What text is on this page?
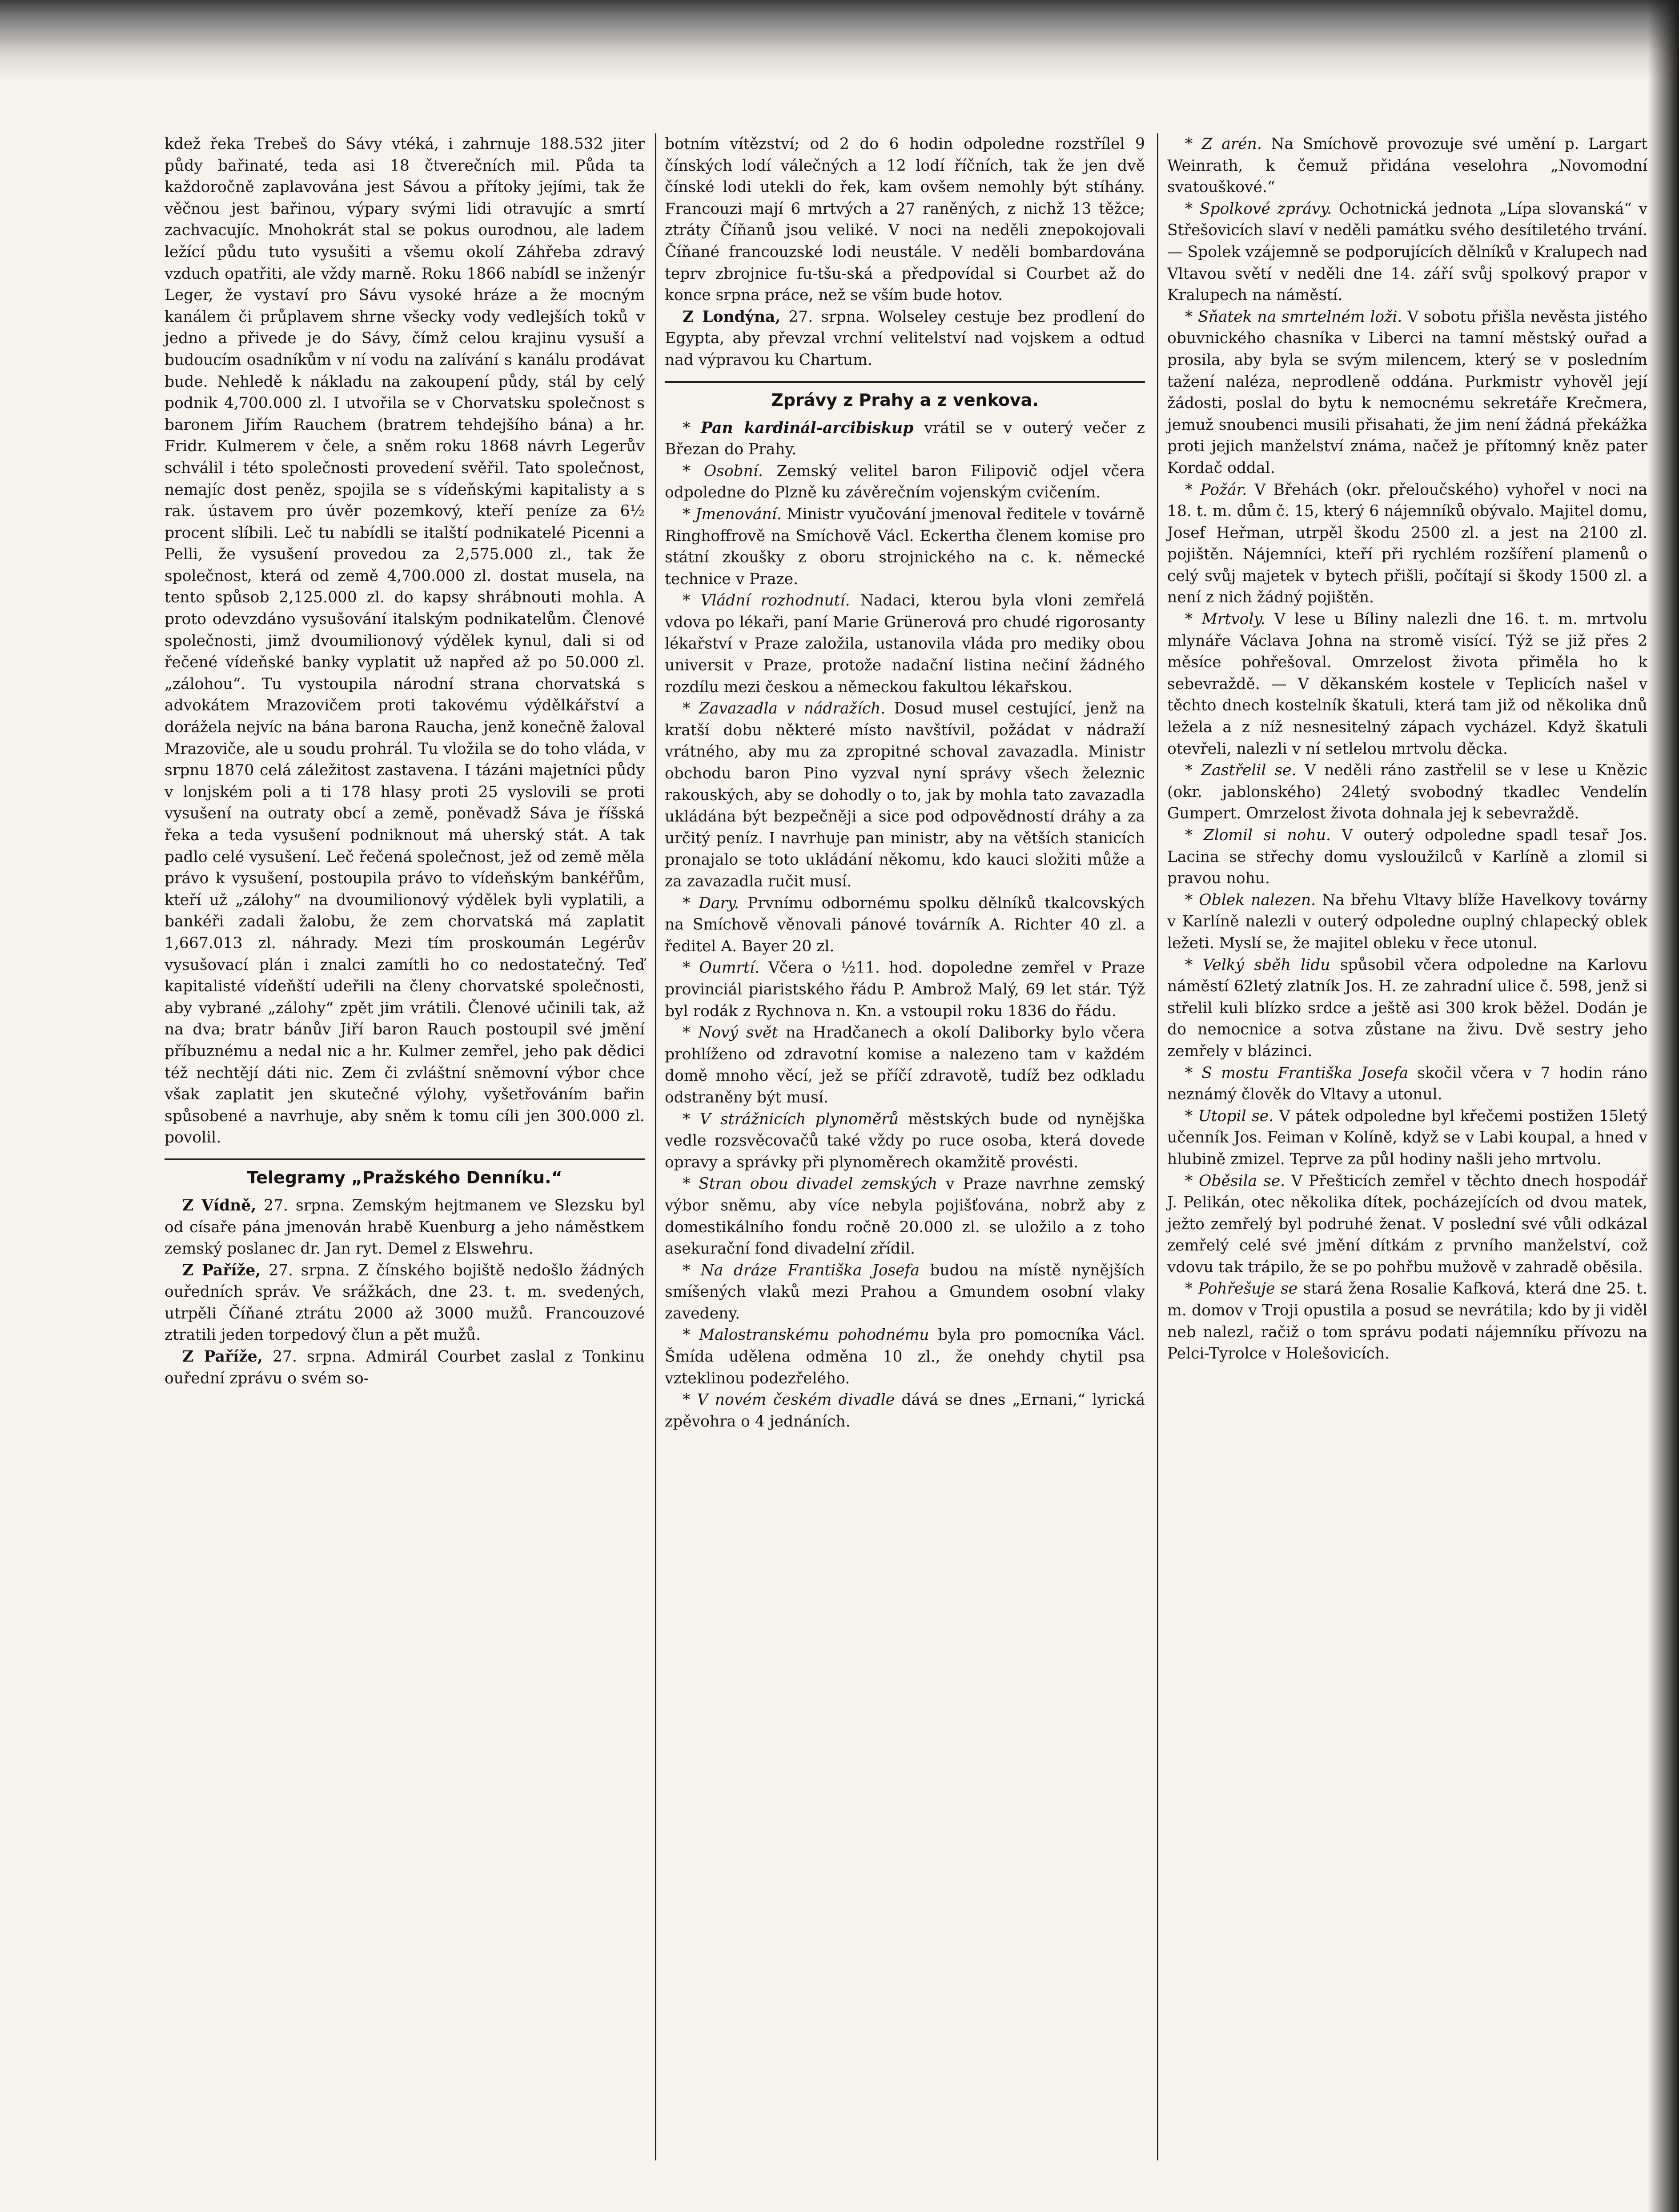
kdež řeka Trebeš do Sávy vtéká, i zahrnuje 188.532 jiter půdy bařinaté, teda asi 18 čtverečních mil. Půda ta každoročně zaplavována jest Sávou a přítoky jejími, tak že věčnou jest bařinou, výpary svými lidi otravujíc a smrtí zachvacujíc. Mnohokrát stal se pokus ourodnou, ale ladem ležící půdu tuto vysušiti a všemu okolí Záhřeba zdravý vzduch opatřiti, ale vždy marně. Roku 1866 nabídl se inženýr Leger, že vystaví pro Sávu vysoké hráze a že mocným kanálem či průplavem shrne všecky vody vedlejších toků v jedno a přivede je do Sávy, čímž celou krajinu vysuší a budoucím osadníkům v ní vodu na zalívání s kanálu prodávat bude. Nehledě k nákladu na zakoupení půdy, stál by celý podnik 4,700.000 zl. I utvořila se v Chorvatsku společnost s baronem Jiřím Rauchem (bratrem tehdejšího bána) a hr. Fridr. Kulmerem v čele, a sněm roku 1868 návrh Legerův schválil i této společnosti provedení svěřil. Tato společnost, nemajíc dost peněz, spojila se s vídeňskými kapitalisty a s rak. ústavem pro úvěr pozemkový, kteří peníze za 6½ procent slíbili. Leč tu nabídli se italští podnikatelé Picenni a Pelli, že vysušení provedou za 2,575.000 zl., tak že společnost, která od země 4,700.000 zl. dostat musela, na tento spůsob 2,125.000 zl. do kapsy shrábnouti mohla. A proto odevzdáno vysušování italským podnikatelům. Členové společnosti, jimž dvoumilionový výdělek kynul, dali si od řečené vídeňské banky vyplatit už napřed až po 50.000 zl. „zálohou“. Tu vystoupila národní strana chorvatská s advokátem Mrazovičem proti takovému výdělkářství a dorážela nejvíc na bána barona Raucha, jenž konečně žaloval Mrazoviče, ale u soudu prohrál. Tu vložila se do toho vláda, v srpnu 1870 celá záležitost zastavena. I tázáni majetníci půdy v lonjském poli a ti 178 hlasy proti 25 vyslovili se proti vysušení na outraty obcí a země, poněvadž Sáva je říšská řeka a teda vysušení podniknout má uherský stát. A tak padlo celé vysušení. Leč řečená společnost, jež od země měla právo k vysušení, postoupila právo to vídeňským bankéřům, kteří už „zálohy“ na dvoumilionový výdělek byli vyplatili, a bankéři zadali žalobu, že zem chorvatská má zaplatit 1,667.013 zl. náhrady. Mezi tím proskoumán Legérův vysušovací plán i znalci zamítli ho co nedostatečný. Teď kapitalisté vídeňští udeřili na členy chorvatské společnosti, aby vybrané „zálohy“ zpět jim vrátili. Členové učinili tak, až na dva; bratr bánův Jiří baron Rauch postoupil své jmění příbuznému a nedal nic a hr. Kulmer zemřel, jeho pak dědici též nechtějí dáti nic. Zem či zvláštní sněmovní výbor chce však zaplatit jen skutečné výlohy, vyšetřováním bařin spůsobené a navrhuje, aby sněm k tomu cíli jen 300.000 zl. povolil.

Telegramy „Pražského Denníku.“

Z Vídně, 27. srpna. Zemským hejtmanem ve Slezsku byl od císaře pána jmenován hrabě Kuenburg a jeho náměstkem zemský poslanec dr. Jan ryt. Demel z Elswehru.

Z Paříže, 27. srpna. Z čínského bojiště nedošlo žádných ouředních správ. Ve srážkách, dne 23. t. m. svedených, utrpěli Číňané ztrátu 2000 až 3000 mužů. Francouzové ztratili jeden torpedový člun a pět mužů.

Z Paříže, 27. srpna. Admirál Courbet zaslal z Tonkinu ouřední zprávu o svém so-

botním vítězství; od 2 do 6 hodin odpoledne rozstřílel 9 čínských lodí válečných a 12 lodí říčních, tak že jen dvě čínské lodi utekli do řek, kam ovšem nemohly být stíhány. Francouzi mají 6 mrtvých a 27 raněných, z nichž 13 těžce; ztráty Číňanů jsou veliké. V noci na neděli znepokojovali Číňané francouzské lodi neustále. V neděli bombardována teprv zbrojnice fu-tšu-ská a předpovídal si Courbet až do konce srpna práce, než se vším bude hotov.

Z Londýna, 27. srpna. Wolseley cestuje bez prodlení do Egypta, aby převzal vrchní velitelství nad vojskem a odtud nad výpravou ku Chartum.

Zprávy z Prahy a z venkova.

* Pan kardinál-arcibiskup vrátil se v outerý večer z Březan do Prahy.

* Osobní. Zemský velitel baron Filipovič odjel včera odpoledne do Plzně ku závěrečním vojenským cvičením.

* Jmenování. Ministr vyučování jmenoval ředitele v továrně Ringhoffrově na Smíchově Václ. Eckertha členem komise pro státní zkoušky z oboru strojnického na c. k. německé technice v Praze.

* Vládní rozhodnutí. Nadaci, kterou byla vloni zemřelá vdova po lékaři, paní Marie Grünerová pro chudé rigorosanty lékařství v Praze založila, ustanovila vláda pro mediky obou universit v Praze, protože nadační listina nečiní žádného rozdílu mezi českou a německou fakultou lékařskou.

* Zavazadla v nádražích. Dosud musel cestující, jenž na kratší dobu některé místo navštívil, požádat v nádraží vrátného, aby mu za zpropitné schoval zavazadla. Ministr obchodu baron Pino vyzval nyní správy všech železnic rakouských, aby se dohodly o to, jak by mohla tato zavazadla ukládána být bezpečněji a sice pod odpovědností dráhy a za určitý peníz. I navrhuje pan ministr, aby na větších stanicích pronajalo se toto ukládání někomu, kdo kauci složiti může a za zavazadla ručit musí.

* Dary. Prvnímu odbornému spolku dělníků tkalcovských na Smíchově věnovali pánové továrník A. Richter 40 zl. a ředitel A. Bayer 20 zl.

* Oumrtí. Včera o ½11. hod. dopoledne zemřel v Praze provinciál piaristského řádu P. Ambrož Malý, 69 let stár. Týž byl rodák z Rychnova n. Kn. a vstoupil roku 1836 do řádu.

* Nový svět na Hradčanech a okolí Daliborky bylo včera prohlíženo od zdravotní komise a nalezeno tam v každém domě mnoho věcí, jež se příčí zdravotě, tudíž bez odkladu odstraněny být musí.

* V strážnicích plynoměrů městských bude od nynějška vedle rozsvěcovačů také vždy po ruce osoba, která dovede opravy a správky při plynoměrech okamžitě provésti.

* Stran obou divadel zemských v Praze navrhne zemský výbor sněmu, aby více nebyla pojišťována, nobrž aby z domestikálního fondu ročně 20.000 zl. se uložilo a z toho asekurační fond divadelní zřídil.

* Na dráze Františka Josefa budou na místě nynějších smíšených vlaků mezi Prahou a Gmundem osobní vlaky zavedeny.

* Malostranskému pohodnému byla pro pomocníka Václ. Šmída udělena odměna 10 zl., že onehdy chytil psa vzteklinou podezřelého.

* V novém českém divadle dává se dnes „Ernani,“ lyrická zpěvohra o 4 jednáních.

* Z arén. Na Smíchově provozuje své umění p. Largart Weinrath, k čemuž přidána veselohra „Novomodní svatouškové.“

* Spolkové zprávy. Ochotnická jednota „Lípa slovanská“ v Střešovicích slaví v neděli památku svého desítiletého trvání. — Spolek vzájemně se podporujících dělníků v Kralupech nad Vltavou světí v neděli dne 14. září svůj spolkový prapor v Kralupech na náměstí.

* Sňatek na smrtelném loži. V sobotu přišla nevěsta jistého obuvnického chasníka v Liberci na tamní městský ouřad a prosila, aby byla se svým milencem, který se v posledním tažení naléza, neprodleně oddána. Purkmistr vyhověl její žádosti, poslal do bytu k nemocnému sekretáře Krečmera, jemuž snoubenci musili přisahati, že jim není žádná překážka proti jejich manželství známa, načež je přítomný kněz pater Kordač oddal.

* Požár. V Břehách (okr. přeloučského) vyhořel v noci na 18. t. m. dům č. 15, který 6 nájemníků obývalo. Majitel domu, Josef Heřman, utrpěl škodu 2500 zl. a jest na 2100 zl. pojištěn. Nájemníci, kteří při rychlém rozšíření plamenů o celý svůj majetek v bytech přišli, počítají si škody 1500 zl. a není z nich žádný pojištěn.

* Mrtvoly. V lese u Bíliny nalezli dne 16. t. m. mrtvolu mlynáře Václava Johna na stromě visící. Týž se již přes 2 měsíce pohřešoval. Omrzelost života přiměla ho k sebevraždě. — V děkanském kostele v Teplicích našel v těchto dnech kostelník škatuli, která tam již od několika dnů ležela a z níž nesnesitelný zápach vycházel. Když škatuli otevřeli, nalezli v ní setlelou mrtvolu děcka.

* Zastřelil se. V neděli ráno zastřelil se v lese u Knězic (okr. jablonského) 24letý svobodný tkadlec Vendelín Gumpert. Omrzelost života dohnala jej k sebevraždě.

* Zlomil si nohu. V outerý odpoledne spadl tesař Jos. Lacina se střechy domu vysloužilců v Karlíně a zlomil si pravou nohu.

* Oblek nalezen. Na břehu Vltavy blíže Havelkovy továrny v Karlíně nalezli v outerý odpoledne ouplný chlapecký oblek ležeti. Myslí se, že majitel obleku v řece utonul.

* Velký sběh lidu spůsobil včera odpoledne na Karlovu náměstí 62letý zlatník Jos. H. ze zahradní ulice č. 598, jenž si střelil kuli blízko srdce a ještě asi 300 krok běžel. Dodán je do nemocnice a sotva zůstane na živu. Dvě sestry jeho zemřely v blázinci.

* S mostu Františka Josefa skočil včera v 7 hodin ráno neznámý člověk do Vltavy a utonul.

* Utopil se. V pátek odpoledne byl křečemi postižen 15letý učenník Jos. Feiman v Kolíně, když se v Labi koupal, a hned v hlubině zmizel. Teprve za půl hodiny našli jeho mrtvolu.

* Oběsila se. V Přešticích zemřel v těchto dnech hospodář J. Pelikán, otec několika dítek, pocházejících od dvou matek, ježto zemřelý byl podruhé ženat. V poslední své vůli odkázal zemřelý celé své jmění dítkám z prvního manželství, což vdovu tak trápilo, že se po pohřbu mužově v zahradě oběsila.

* Pohřešuje se stará žena Rosalie Kafková, která dne 25. t. m. domov v Troji opustila a posud se nevrátila; kdo by ji viděl neb nalezl, račiž o tom správu podati nájemníku přívozu na Pelci-Tyrolce v Holešovicích.
